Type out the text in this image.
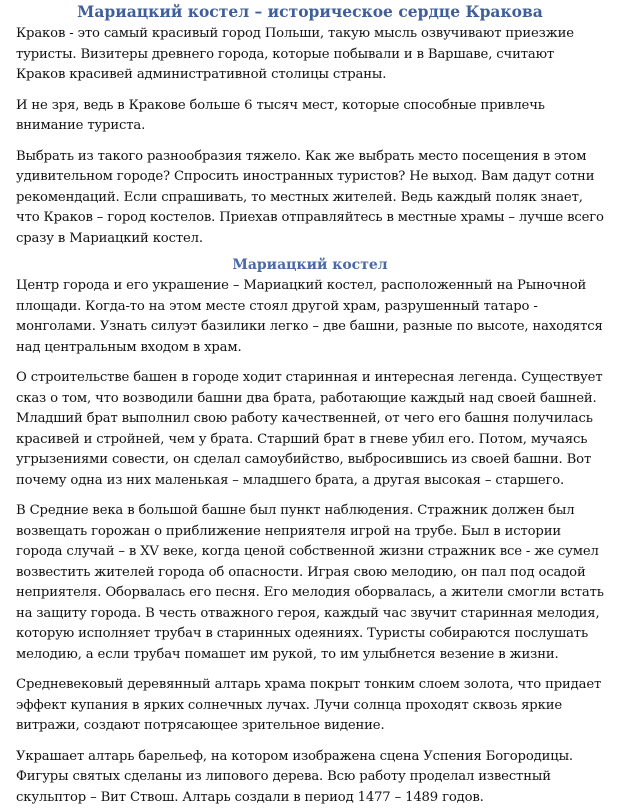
Мариацкий костел – историческое сердце Кракова

Краков - это самый красивый город Польши, такую мысль озвучивают приезжие туристы. Визитеры древнего города, которые побывали и в Варшаве, считают Краков красивей административной столицы страны.

И не зря, ведь в Кракове больше 6 тысяч мест, которые способные привлечь внимание туриста.

Выбрать из такого разнообразия тяжело. Как же выбрать место посещения в этом удивительном городе? Спросить иностранных туристов? Не выход. Вам дадут сотни рекомендаций. Если спрашивать, то местных жителей. Ведь каждый поляк знает, что Краков – город костелов. Приехав отправляйтесь в местные храмы – лучше всего сразу в Мариацкий костел.

Мариацкий костел

Центр города и его украшение – Мариацкий костел, расположенный на Рыночной площади. Когда-то на этом месте стоял другой храм, разрушенный татаро - монголами. Узнать силуэт базилики легко – две башни, разные по высоте, находятся над центральным входом в храм.

О строительстве башен в городе ходит старинная и интересная легенда. Существует сказ о том, что возводили башни два брата, работающие каждый над своей башней. Младший брат выполнил свою работу качественней, от чего его башня получилась красивей и стройней, чем у брата. Старший брат в гневе убил его. Потом, мучаясь угрызениями совести, он сделал самоубийство, выбросившись из своей башни. Вот почему одна из них маленькая – младшего брата, а другая высокая – старшего.

В Средние века в большой башне был пункт наблюдения. Стражник должен был возвещать горожан о приближение неприятеля игрой на трубе. Был в истории города случай – в XV веке, когда ценой собственной жизни стражник все - же сумел возвестить жителей города об опасности. Играя свою мелодию, он пал под осадой неприятеля. Оборвалась его песня. Его мелодия оборвалась, а жители смогли встать на защиту города. В честь отважного героя, каждый час звучит старинная мелодия, которую исполняет трубач в старинных одеяниях. Туристы собираются послушать мелодию, а если трубач помашет им рукой, то им улыбнется везение в жизни.

Средневековый деревянный алтарь храма покрыт тонким слоем золота, что придает эффект купания в ярких солнечных лучах. Лучи солнца проходят сквозь яркие витражи, создают потрясающее зрительное видение.

Украшает алтарь барельеф, на котором изображена сцена Успения Богородицы. Фигуры святых сделаны из липового дерева. Всю работу проделал известный скульптор – Вит Ствош. Алтарь создали в период 1477 – 1489 годов.
